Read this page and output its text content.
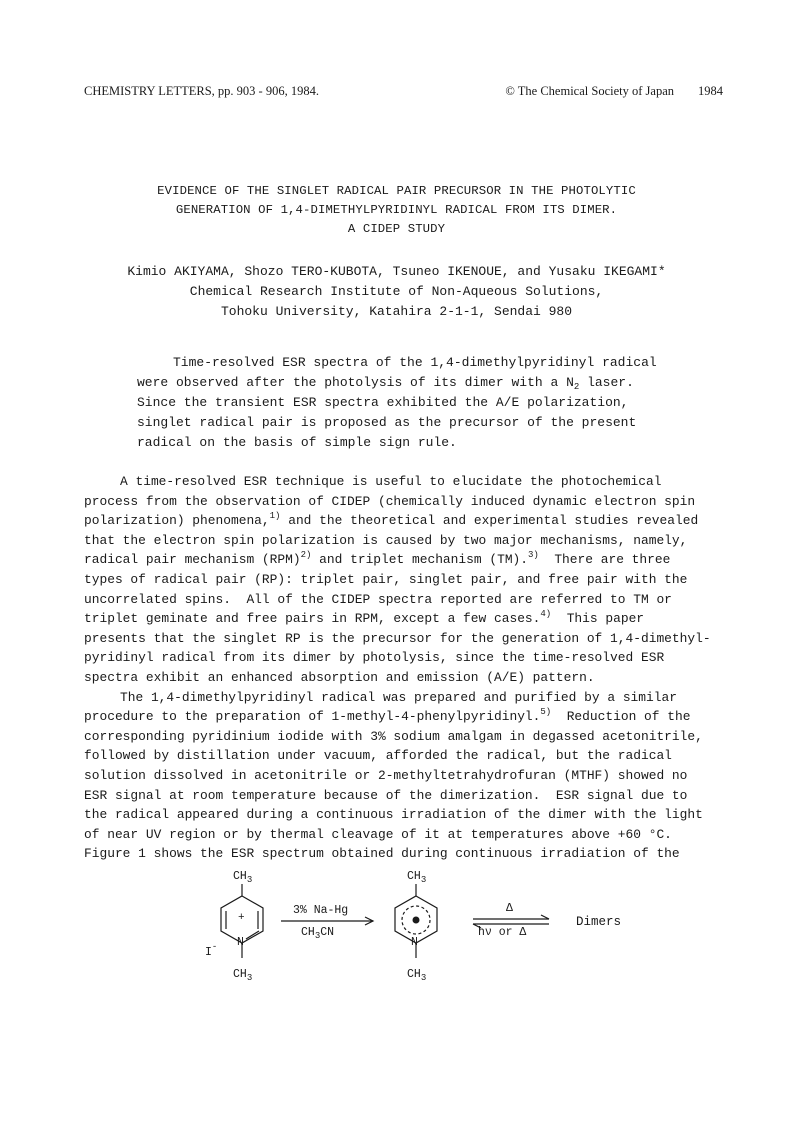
CHEMISTRY LETTERS, pp. 903 - 906, 1984.	© The Chemical Society of Japan 1984
EVIDENCE OF THE SINGLET RADICAL PAIR PRECURSOR IN THE PHOTOLYTIC
GENERATION OF 1,4-DIMETHYLPYRIDINYL RADICAL FROM ITS DIMER.
A CIDEP STUDY
Kimio AKIYAMA, Shozo TERO-KUBOTA, Tsuneo IKENOUE, and Yusaku IKEGAMI*
Chemical Research Institute of Non-Aqueous Solutions,
Tohoku University, Katahira 2-1-1, Sendai 980
Time-resolved ESR spectra of the 1,4-dimethylpyridinyl radical
were observed after the photolysis of its dimer with a $N_2$ laser.
Since the transient ESR spectra exhibited the A/E polarization,
singlet radical pair is proposed as the precursor of the present
radical on the basis of simple sign rule.
A time-resolved ESR technique is useful to elucidate the photochemical
process from the observation of CIDEP (chemically induced dynamic electron spin
polarization) phenomena,$^{1)}$ and the theoretical and experimental studies revealed
that the electron spin polarization is caused by two major mechanisms, namely,
radical pair mechanism (RPM)$^{2)}$ and triplet mechanism (TM).$^{3)}$  There are three
types of radical pair (RP): triplet pair, singlet pair, and free pair with the
uncorrelated spins.  All of the CIDEP spectra reported are referred to TM or
triplet geminate and free pairs in RPM, except a few cases.$^{4)}$  This paper
presents that the singlet RP is the precursor for the generation of 1,4-dimethyl-
pyridinyl radical from its dimer by photolysis, since the time-resolved ESR
spectra exhibit an enhanced absorption and emission (A/E) pattern.
The 1,4-dimethylpyridinyl radical was prepared and purified by a similar
procedure to the preparation of 1-methyl-4-phenylpyridinyl.$^{5)}$  Reduction of the
corresponding pyridinium iodide with 3% sodium amalgam in degassed acetonitrile,
followed by distillation under vacuum, afforded the radical, but the radical
solution dissolved in acetonitrile or 2-methyltetrahydrofuran (MTHF) showed no
ESR signal at room temperature because of the dimerization.  ESR signal due to
the radical appeared during a continuous irradiation of the dimer with the light
of near UV region or by thermal cleavage of it at temperatures above +60 °C.
Figure 1 shows the ESR spectrum obtained during continuous irradiation of the
$CH_3$
+
N
I-
$CH_3$
3% Na-Hg
$CH_3CN$
$CH_3$
N
$CH_3$
Δ
hν or Δ
Dimers
